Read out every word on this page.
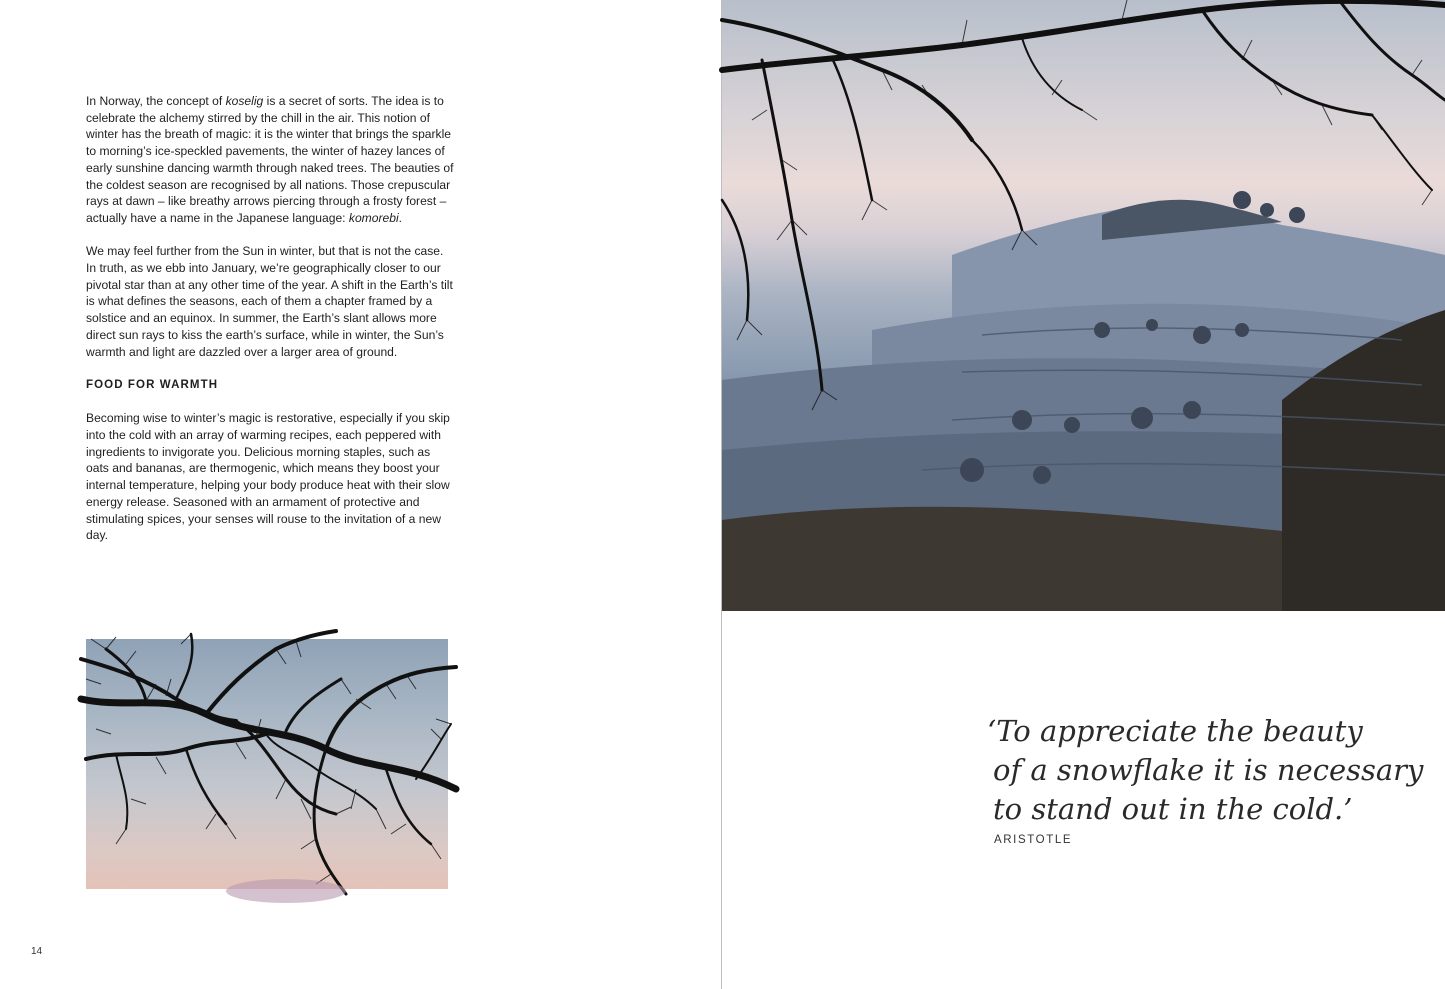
In Norway, the concept of koselig is a secret of sorts. The idea is to celebrate the alchemy stirred by the chill in the air. This notion of winter has the breath of magic: it is the winter that brings the sparkle to morning’s ice-speckled pavements, the winter of hazey lances of early sunshine dancing warmth through naked trees. The beauties of the coldest season are recognised by all nations. Those crepuscular rays at dawn – like breathy arrows piercing through a frosty forest – actually have a name in the Japanese language: komorebi.

We may feel further from the Sun in winter, but that is not the case. In truth, as we ebb into January, we’re geographically closer to our pivotal star than at any other time of the year. A shift in the Earth’s tilt is what defines the seasons, each of them a chapter framed by a solstice and an equinox. In summer, the Earth’s slant allows more direct sun rays to kiss the earth’s surface, while in winter, the Sun’s warmth and light are dazzled over a larger area of ground.

FOOD FOR WARMTH

Becoming wise to winter’s magic is restorative, especially if you skip into the cold with an array of warming recipes, each peppered with ingredients to invigorate you. Delicious morning staples, such as oats and bananas, are thermogenic, which means they boost your internal temperature, helping your body produce heat with their slow energy release. Seasoned with an armament of protective and stimulating spices, your senses will rouse to the invitation of a new day.

14
‘To appreciate the beauty
of a snowflake it is necessary
to stand out in the cold.’
ARISTOTLE
